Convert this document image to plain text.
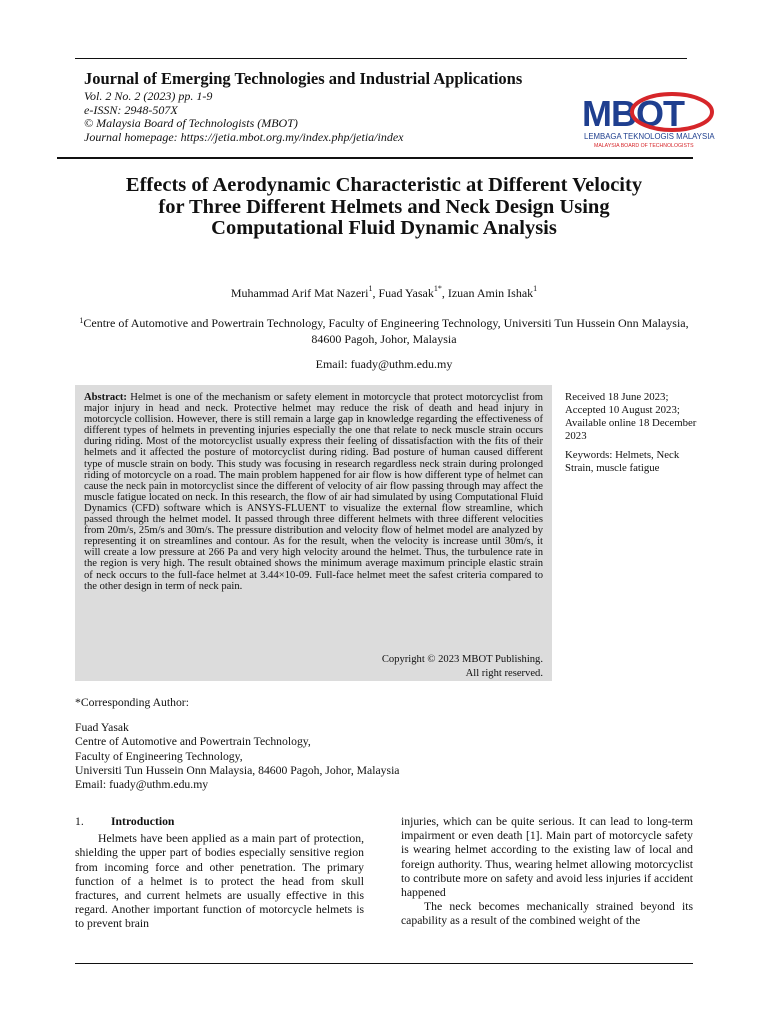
Journal of Emerging Technologies and Industrial Applications
Vol. 2 No. 2 (2023) pp. 1-9
e-ISSN: 2948-507X
© Malaysia Board of Technologists (MBOT)
Journal homepage: https://jetia.mbot.org.my/index.php/jetia/index
MBOT
LEMBAGA TEKNOLOGIS MALAYSIA
MALAYSIA BOARD OF TECHNOLOGISTS
Effects of Aerodynamic Characteristic at Different Velocity
for Three Different Helmets and Neck Design Using
Computational Fluid Dynamic Analysis
Muhammad Arif Mat Nazeri$^1$, Fuad Yasak$^{1*}$, Izuan Amin Ishak$^1$
$^1$Centre of Automotive and Powertrain Technology, Faculty of Engineering Technology, Universiti Tun Hussein Onn Malaysia, 84600 Pagoh, Johor, Malaysia
Email: fuady@uthm.edu.my
Abstract: Helmet is one of the mechanism or safety element in motorcycle that protect motorcyclist from major injury in head and neck. Protective helmet may reduce the risk of death and head injury in motorcycle collision. However, there is still remain a large gap in knowledge regarding the effectiveness of different types of helmets in preventing injuries especially the one that relate to neck muscle strain occurs during riding. Most of the motorcyclist usually express their feeling of dissatisfaction with the fits of their helmets and it affected the posture of motorcyclist during riding. Bad posture of human caused different type of muscle strain on body. This study was focusing in research regardless neck strain during prolonged riding of motorcycle on a road. The main problem happened for air flow is how different type of helmet can cause the neck pain in motorcyclist since the different of velocity of air flow passing through may affect the muscle fatigue located on neck. In this research, the flow of air had simulated by using Computational Fluid Dynamics (CFD) software which is ANSYS-FLUENT to visualize the external flow streamline, which passed through the helmet model. It passed through three different helmets with three different velocities from 20m/s, 25m/s and 30m/s. The pressure distribution and velocity flow of helmet model are analyzed by representing it on streamlines and contour. As for the result, when the velocity is increase until 30m/s, it will create a low pressure at 266 Pa and very high velocity around the helmet. Thus, the turbulence rate in the region is very high. The result obtained shows the minimum average maximum principle elastic strain of neck occurs to the full-face helmet at 3.44×10-09. Full-face helmet meet the safest criteria compared to the other design in term of neck pain.
Copyright © 2023 MBOT Publishing.
All right reserved.
Received 18 June 2023;
Accepted 10 August 2023;
Available online 18 December 2023
Keywords: Helmets, Neck Strain, muscle fatigue
*Corresponding Author:
Fuad Yasak
Centre of Automotive and Powertrain Technology,
Faculty of Engineering Technology,
Universiti Tun Hussein Onn Malaysia, 84600 Pagoh, Johor, Malaysia
Email: fuady@uthm.edu.my
1. Introduction
Helmets have been applied as a main part of protection, shielding the upper part of bodies especially sensitive region from incoming force and other penetration. The primary function of a helmet is to protect the head from skull fractures, and current helmets are usually effective in this regard. Another important function of motorcycle helmets is to prevent brain
injuries, which can be quite serious. It can lead to long-term impairment or even death [1]. Main part of motorcycle safety is wearing helmet according to the existing law of local and foreign authority. Thus, wearing helmet allowing motorcyclist to contribute more on safety and avoid less injuries if accident happened
The neck becomes mechanically strained beyond its capability as a result of the combined weight of the
